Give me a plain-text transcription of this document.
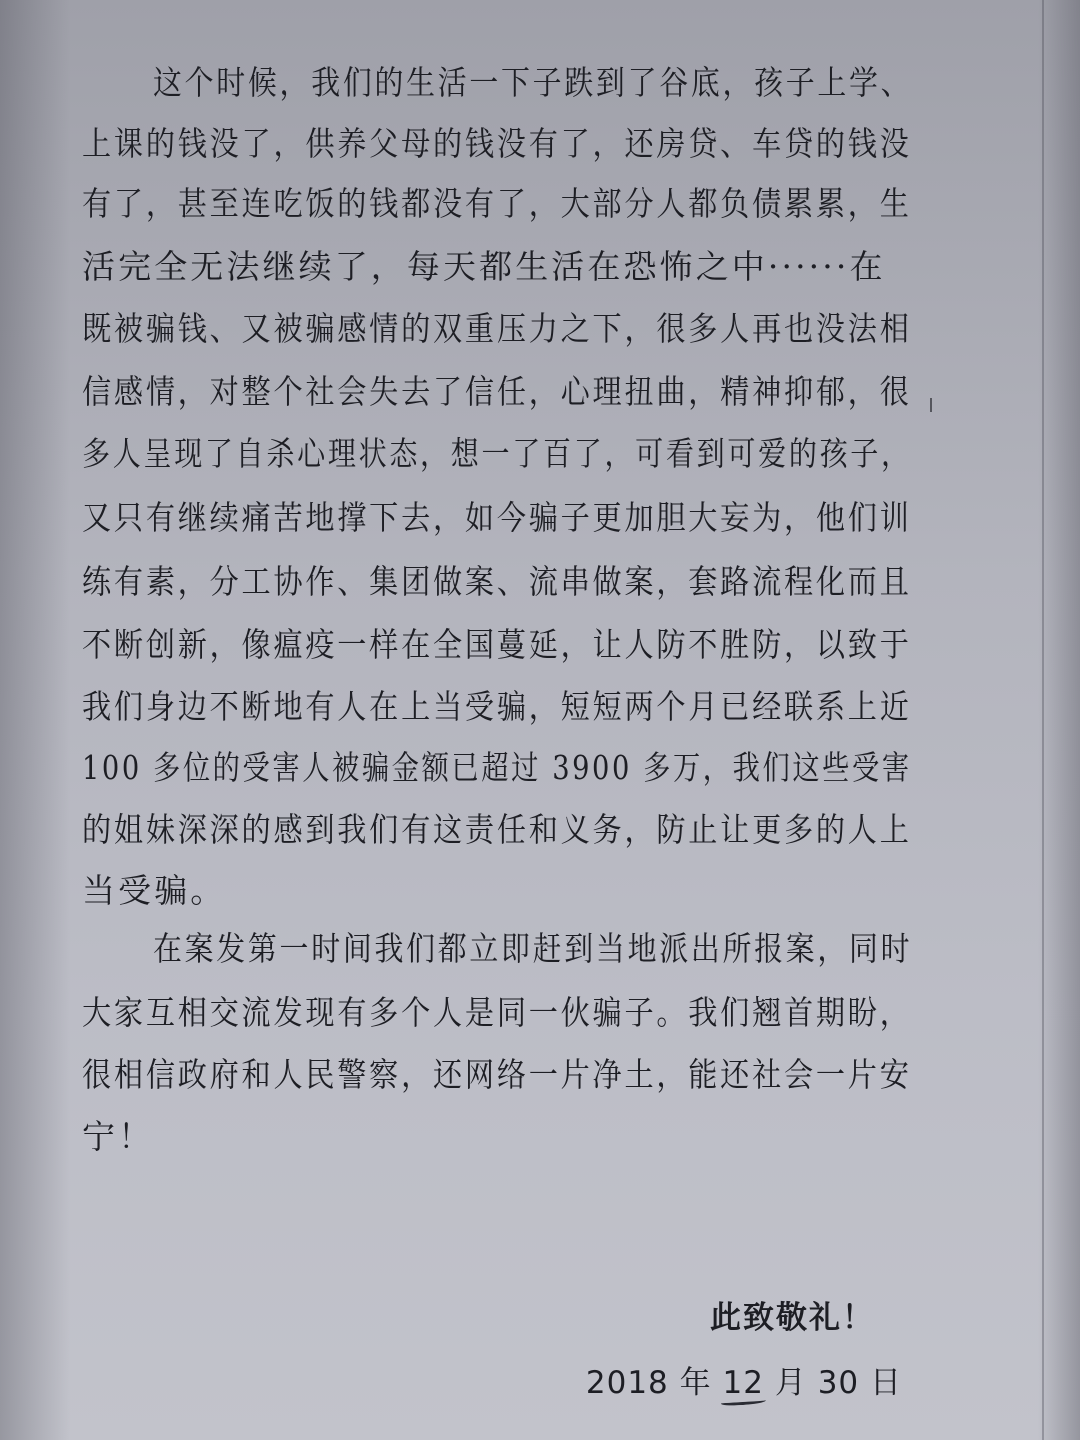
这个时候，我们的生活一下子跌到了谷底，孩子上学、
上课的钱没了，供养父母的钱没有了，还房贷、车贷的钱没
有了，甚至连吃饭的钱都没有了，大部分人都负债累累，生
活完全无法继续了，每天都生活在恐怖之中······在
既被骗钱、又被骗感情的双重压力之下，很多人再也没法相
信感情，对整个社会失去了信任，心理扭曲，精神抑郁，很
多人呈现了自杀心理状态，想一了百了，可看到可爱的孩子，
又只有继续痛苦地撑下去，如今骗子更加胆大妄为，他们训
练有素，分工协作、集团做案、流串做案，套路流程化而且
不断创新，像瘟疫一样在全国蔓延，让人防不胜防，以致于
我们身边不断地有人在上当受骗，短短两个月已经联系上近
100 多位的受害人被骗金额已超过 3900 多万，我们这些受害
的姐妹深深的感到我们有这责任和义务，防止让更多的人上
当受骗。
在案发第一时间我们都立即赶到当地派出所报案，同时
大家互相交流发现有多个人是同一伙骗子。我们翘首期盼，
很相信政府和人民警察，还网络一片净土，能还社会一片安
宁！
此致敬礼！
2018 年 12 月 30 日
